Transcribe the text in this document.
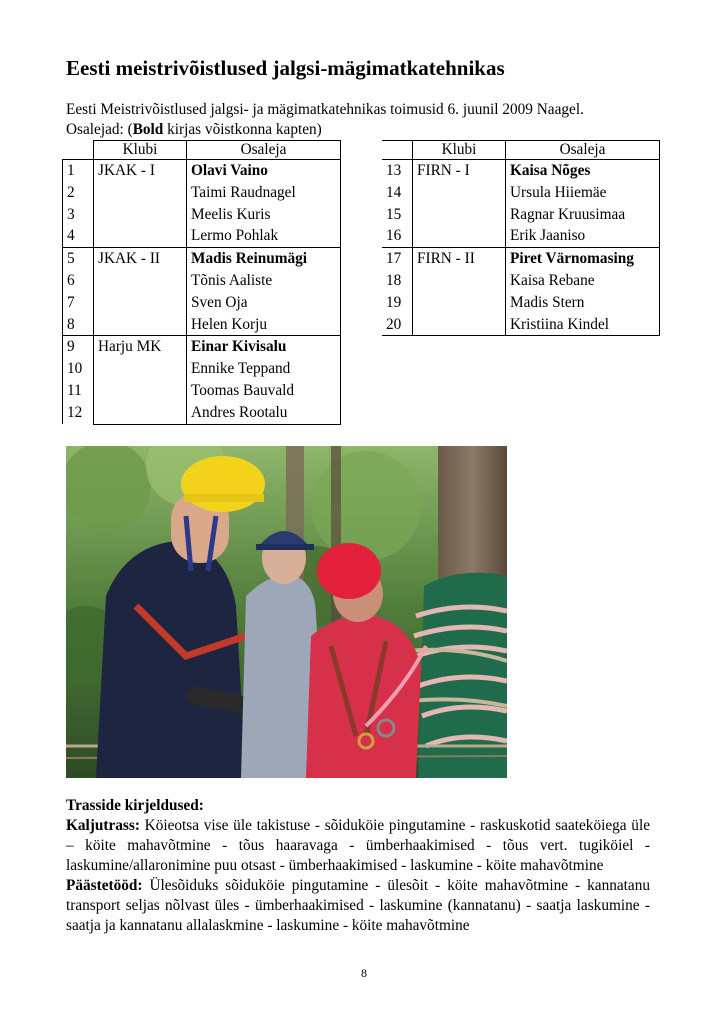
Eesti meistrivõistlused jalgsi-mägimatkatehnikas
Eesti Meistrivõistlused jalgsi- ja mägimatkatehnikas toimusid 6. juunil 2009 Naagel.
Osalejad: (Bold kirjas võistkonna kapten)
	Klubi	Osaleja
1	JKAK - I	Olavi Vaino
2		Taimi Raudnagel
3		Meelis Kuris
4		Lermo Pohlak
5	JKAK - II	Madis Reinumägi
6		Tõnis Aaliste
7		Sven Oja
8		Helen Korju
9	Harju MK	Einar Kivisalu
10		Ennike Teppand
11		Toomas Bauvald
12		Andres Rootalu
	Klubi	Osaleja
13	FIRN - I	Kaisa Nõges
14		Ursula Hiiemäe
15		Ragnar Kruusimaa
16		Erik Jaaniso
17	FIRN - II	Piret Värnomasing
18		Kaisa Rebane
19		Madis Stern
20		Kristiina Kindel

Trasside kirjeldused:

Kaljutrass: Köieotsa vise üle takistuse - sõiduköie pingutamine - raskuskotid saateköiega üle – köite mahavõtmine - tõus haaravaga - ümberhaakimised - tõus vert. tugiköiel - laskumine/allaronimine puu otsast - ümberhaakimised - laskumine - köite mahavõtmine

Päästetööd: Ülesõiduks sõiduköie pingutamine - ülesõit - köite mahavõtmine - kannatanu transport seljas nõlvast üles - ümberhaakimised - laskumine (kannatanu) - saatja laskumine - saatja ja kannatanu allalaskmine - laskumine - köite mahavõtmine

8
